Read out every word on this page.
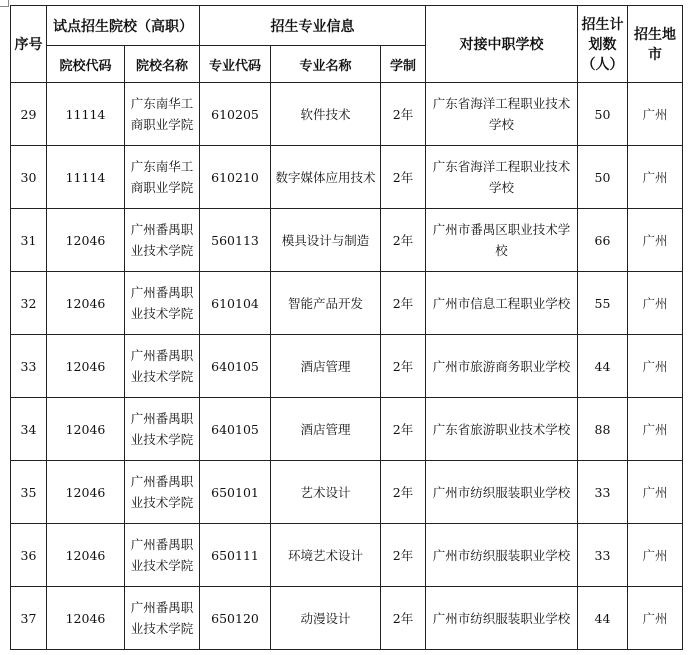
序号	试点招生院校（高职）		招生专业信息			对接中职学校	招生计划数（人）	招生地市
	院校代码	院校名称	专业代码	专业名称	学制			
29	11114	广东南华工商职业学院	610205	软件技术	2年	广东省海洋工程职业技术学校	50	广州
30	11114	广东南华工商职业学院	610210	数字媒体应用技术	2年	广东省海洋工程职业技术学校	50	广州
31	12046	广州番禺职业技术学院	560113	模具设计与制造	2年	广州市番禺区职业技术学校	66	广州
32	12046	广州番禺职业技术学院	610104	智能产品开发	2年	广州市信息工程职业学校	55	广州
33	12046	广州番禺职业技术学院	640105	酒店管理	2年	广州市旅游商务职业学校	44	广州
34	12046	广州番禺职业技术学院	640105	酒店管理	2年	广东省旅游职业技术学校	88	广州
35	12046	广州番禺职业技术学院	650101	艺术设计	2年	广州市纺织服装职业学校	33	广州
36	12046	广州番禺职业技术学院	650111	环境艺术设计	2年	广州市纺织服装职业学校	33	广州
37	12046	广州番禺职业技术学院	650120	动漫设计	2年	广州市纺织服装职业学校	44	广州
